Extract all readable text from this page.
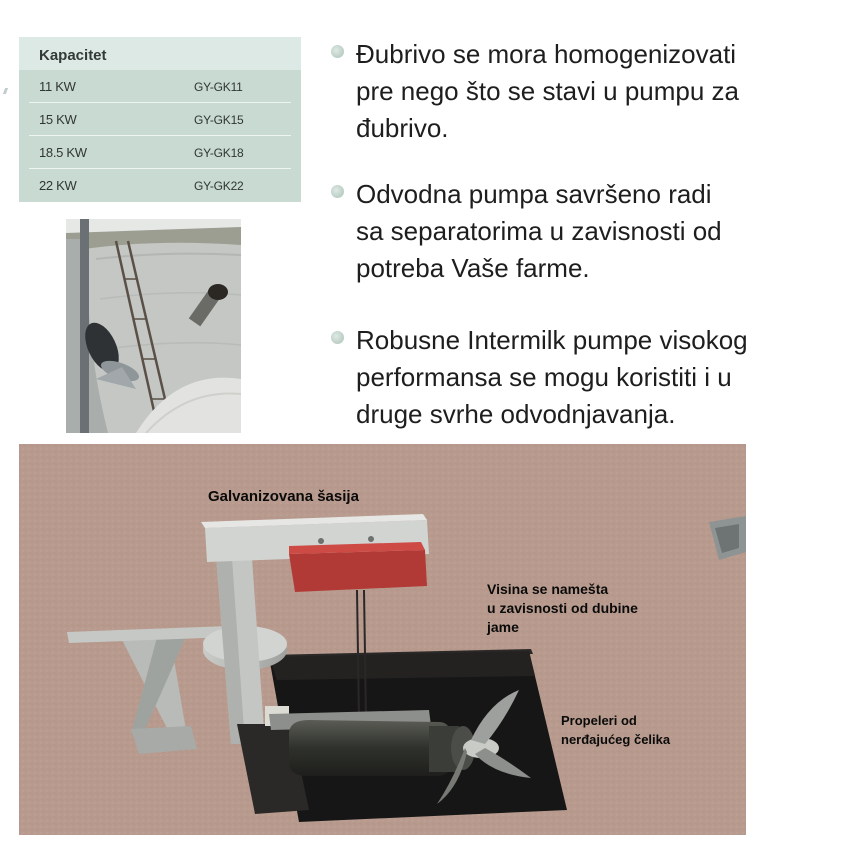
Kapacitet
11 KW	GY-GK11
15 KW	GY-GK15
18.5 KW	GY-GK18
22 KW	GY-GK22
Đubrivo se mora homogenizovati
pre nego što se stavi u pumpu za
đubrivo.
Odvodna pumpa savršeno radi
sa separatorima u zavisnosti od
potreba Vaše farme.
Robusne Intermilk pumpe visokog
performansa se mogu koristiti i u
druge svrhe odvodnjavanja.
Galvanizovana šasija
Visina se namešta
u zavisnosti od dubine
jame
Propeleri od
nerđajućeg čelika
